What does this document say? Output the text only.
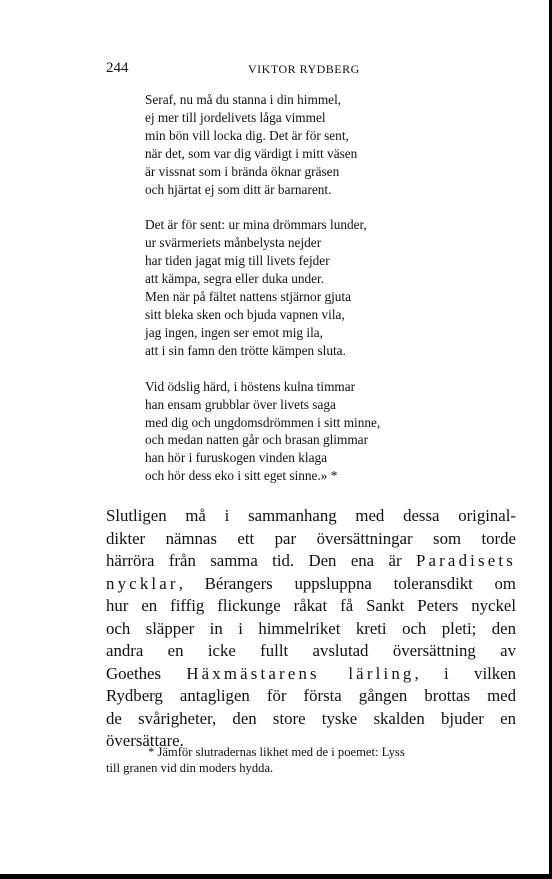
244	VIKTOR RYDBERG
Seraf, nu må du stanna i din himmel,
ej mer till jordelivets låga vimmel
min bön vill locka dig. Det är för sent,
när det, som var dig värdigt i mitt väsen
är vissnat som i brända öknar gräsen
och hjärtat ej som ditt är barnarent.
Det är för sent: ur mina drömmars lunder,
ur svärmeriets månbelysta nejder
har tiden jagat mig till livets fejder
att kämpa, segra eller duka under.
Men när på fältet nattens stjärnor gjuta
sitt bleka sken och bjuda vapnen vila,
jag ingen, ingen ser emot mig ila,
att i sin famn den trötte kämpen sluta.
Vid ödslig härd, i höstens kulna timmar
han ensam grubblar över livets saga
med dig och ungdomsdrömmen i sitt minne,
och medan natten går och brasan glimmar
han hör i furuskogen vinden klaga
och hör dess eko i sitt eget sinne.» *
Slutligen må i sammanhang med dessa original-
dikter nämnas ett par översättningar som torde
härröra från samma tid. Den ena är Paradisets
nycklar, Bérangers uppsluppna toleransdikt om
hur en fiffig flickunge råkat få Sankt Peters nyckel
och släpper in i himmelriket kreti och pleti; den
andra en icke fullt avslutad översättning av
Goethes Häxmästarens lärling, i vilken
Rydberg antagligen för första gången brottas med
de svårigheter, den store tyske skalden bjuder en
översättare.
* Jämför slutradernas likhet med de i poemet: Lyss
till granen vid din moders hydda.
